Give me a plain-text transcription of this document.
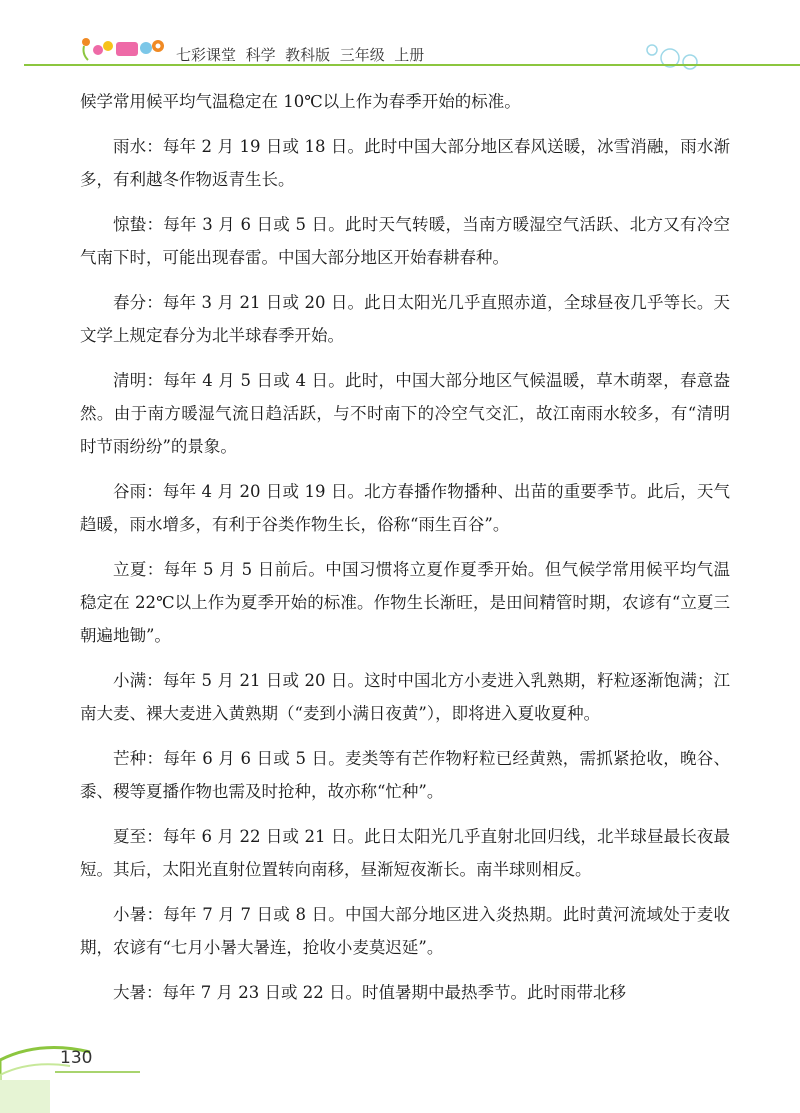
七彩课堂 科学 教科版 三年级 上册

候学常用候平均气温稳定在 10℃以上作为春季开始的标准。

雨水：每年 2 月 19 日或 18 日。此时中国大部分地区春风送暖，冰雪消融，雨水渐多，有利越冬作物返青生长。

惊蛰：每年 3 月 6 日或 5 日。此时天气转暖，当南方暖湿空气活跃、北方又有冷空气南下时，可能出现春雷。中国大部分地区开始春耕春种。

春分：每年 3 月 21 日或 20 日。此日太阳光几乎直照赤道，全球昼夜几乎等长。天文学上规定春分为北半球春季开始。

清明：每年 4 月 5 日或 4 日。此时，中国大部分地区气候温暖，草木萌翠，春意盎然。由于南方暖湿气流日趋活跃，与不时南下的冷空气交汇，故江南雨水较多，有“清明时节雨纷纷”的景象。

谷雨：每年 4 月 20 日或 19 日。北方春播作物播种、出苗的重要季节。此后，天气趋暖，雨水增多，有利于谷类作物生长，俗称“雨生百谷”。

立夏：每年 5 月 5 日前后。中国习惯将立夏作夏季开始。但气候学常用候平均气温稳定在 22℃以上作为夏季开始的标准。作物生长渐旺，是田间精管时期，农谚有“立夏三朝遍地锄”。

小满：每年 5 月 21 日或 20 日。这时中国北方小麦进入乳熟期，籽粒逐渐饱满；江南大麦、裸大麦进入黄熟期（“麦到小满日夜黄”），即将进入夏收夏种。

芒种：每年 6 月 6 日或 5 日。麦类等有芒作物籽粒已经黄熟，需抓紧抢收，晚谷、黍、稷等夏播作物也需及时抢种，故亦称“忙种”。

夏至：每年 6 月 22 日或 21 日。此日太阳光几乎直射北回归线，北半球昼最长夜最短。其后，太阳光直射位置转向南移，昼渐短夜渐长。南半球则相反。

小暑：每年 7 月 7 日或 8 日。中国大部分地区进入炎热期。此时黄河流域处于麦收期，农谚有“七月小暑大暑连，抢收小麦莫迟延”。

大暑：每年 7 月 23 日或 22 日。时值暑期中最热季节。此时雨带北移

130
